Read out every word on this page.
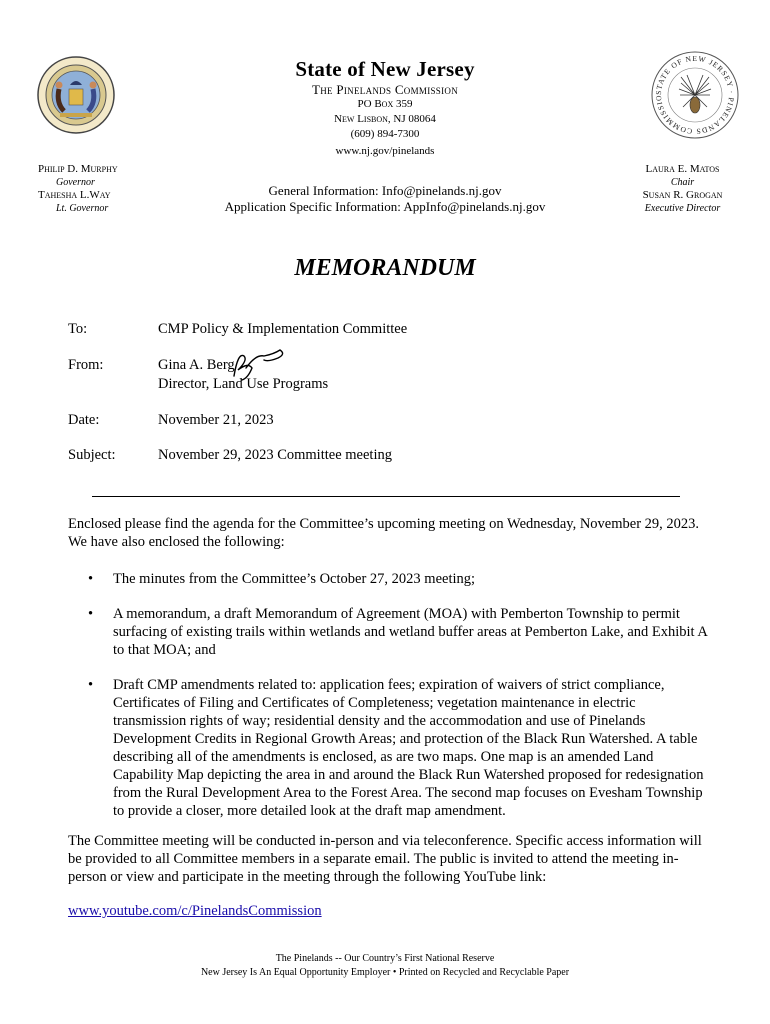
State of New Jersey
The Pinelands Commission
PO Box 359
New Lisbon, NJ 08064
(609) 894-7300
www.nj.gov/pinelands
General Information: Info@pinelands.nj.gov
Application Specific Information: AppInfo@pinelands.nj.gov
STATE OF NEW JERSEY · PINELANDS COMMISSIO
Philip D. Murphy
Governor
Tahesha L.Way
Lt. Governor
Laura E. Matos
Chair
Susan R. Grogan
Executive Director
MEMORANDUM
To:	CMP Policy & Implementation Committee
From:	Gina A. Berg
Director, Land Use Programs
Date:	November 21, 2023
Subject:	November 29, 2023 Committee meeting
Enclosed please find the agenda for the Committee’s upcoming meeting on Wednesday, November 29, 2023. We have also enclosed the following:
• The minutes from the Committee’s October 27, 2023 meeting;
• A memorandum, a draft Memorandum of Agreement (MOA) with Pemberton Township to permit surfacing of existing trails within wetlands and wetland buffer areas at Pemberton Lake, and Exhibit A to that MOA; and
• Draft CMP amendments related to: application fees; expiration of waivers of strict compliance, Certificates of Filing and Certificates of Completeness; vegetation maintenance in electric transmission rights of way; residential density and the accommodation and use of Pinelands Development Credits in Regional Growth Areas; and protection of the Black Run Watershed. A table describing all of the amendments is enclosed, as are two maps. One map is an amended Land Capability Map depicting the area in and around the Black Run Watershed proposed for redesignation from the Rural Development Area to the Forest Area. The second map focuses on Evesham Township to provide a closer, more detailed look at the draft map amendment.
The Committee meeting will be conducted in-person and via teleconference. Specific access information will be provided to all Committee members in a separate email. The public is invited to attend the meeting in-person or view and participate in the meeting through the following YouTube link:
www.youtube.com/c/PinelandsCommission
The Pinelands -- Our Country’s First National Reserve
New Jersey Is An Equal Opportunity Employer • Printed on Recycled and Recyclable Paper
